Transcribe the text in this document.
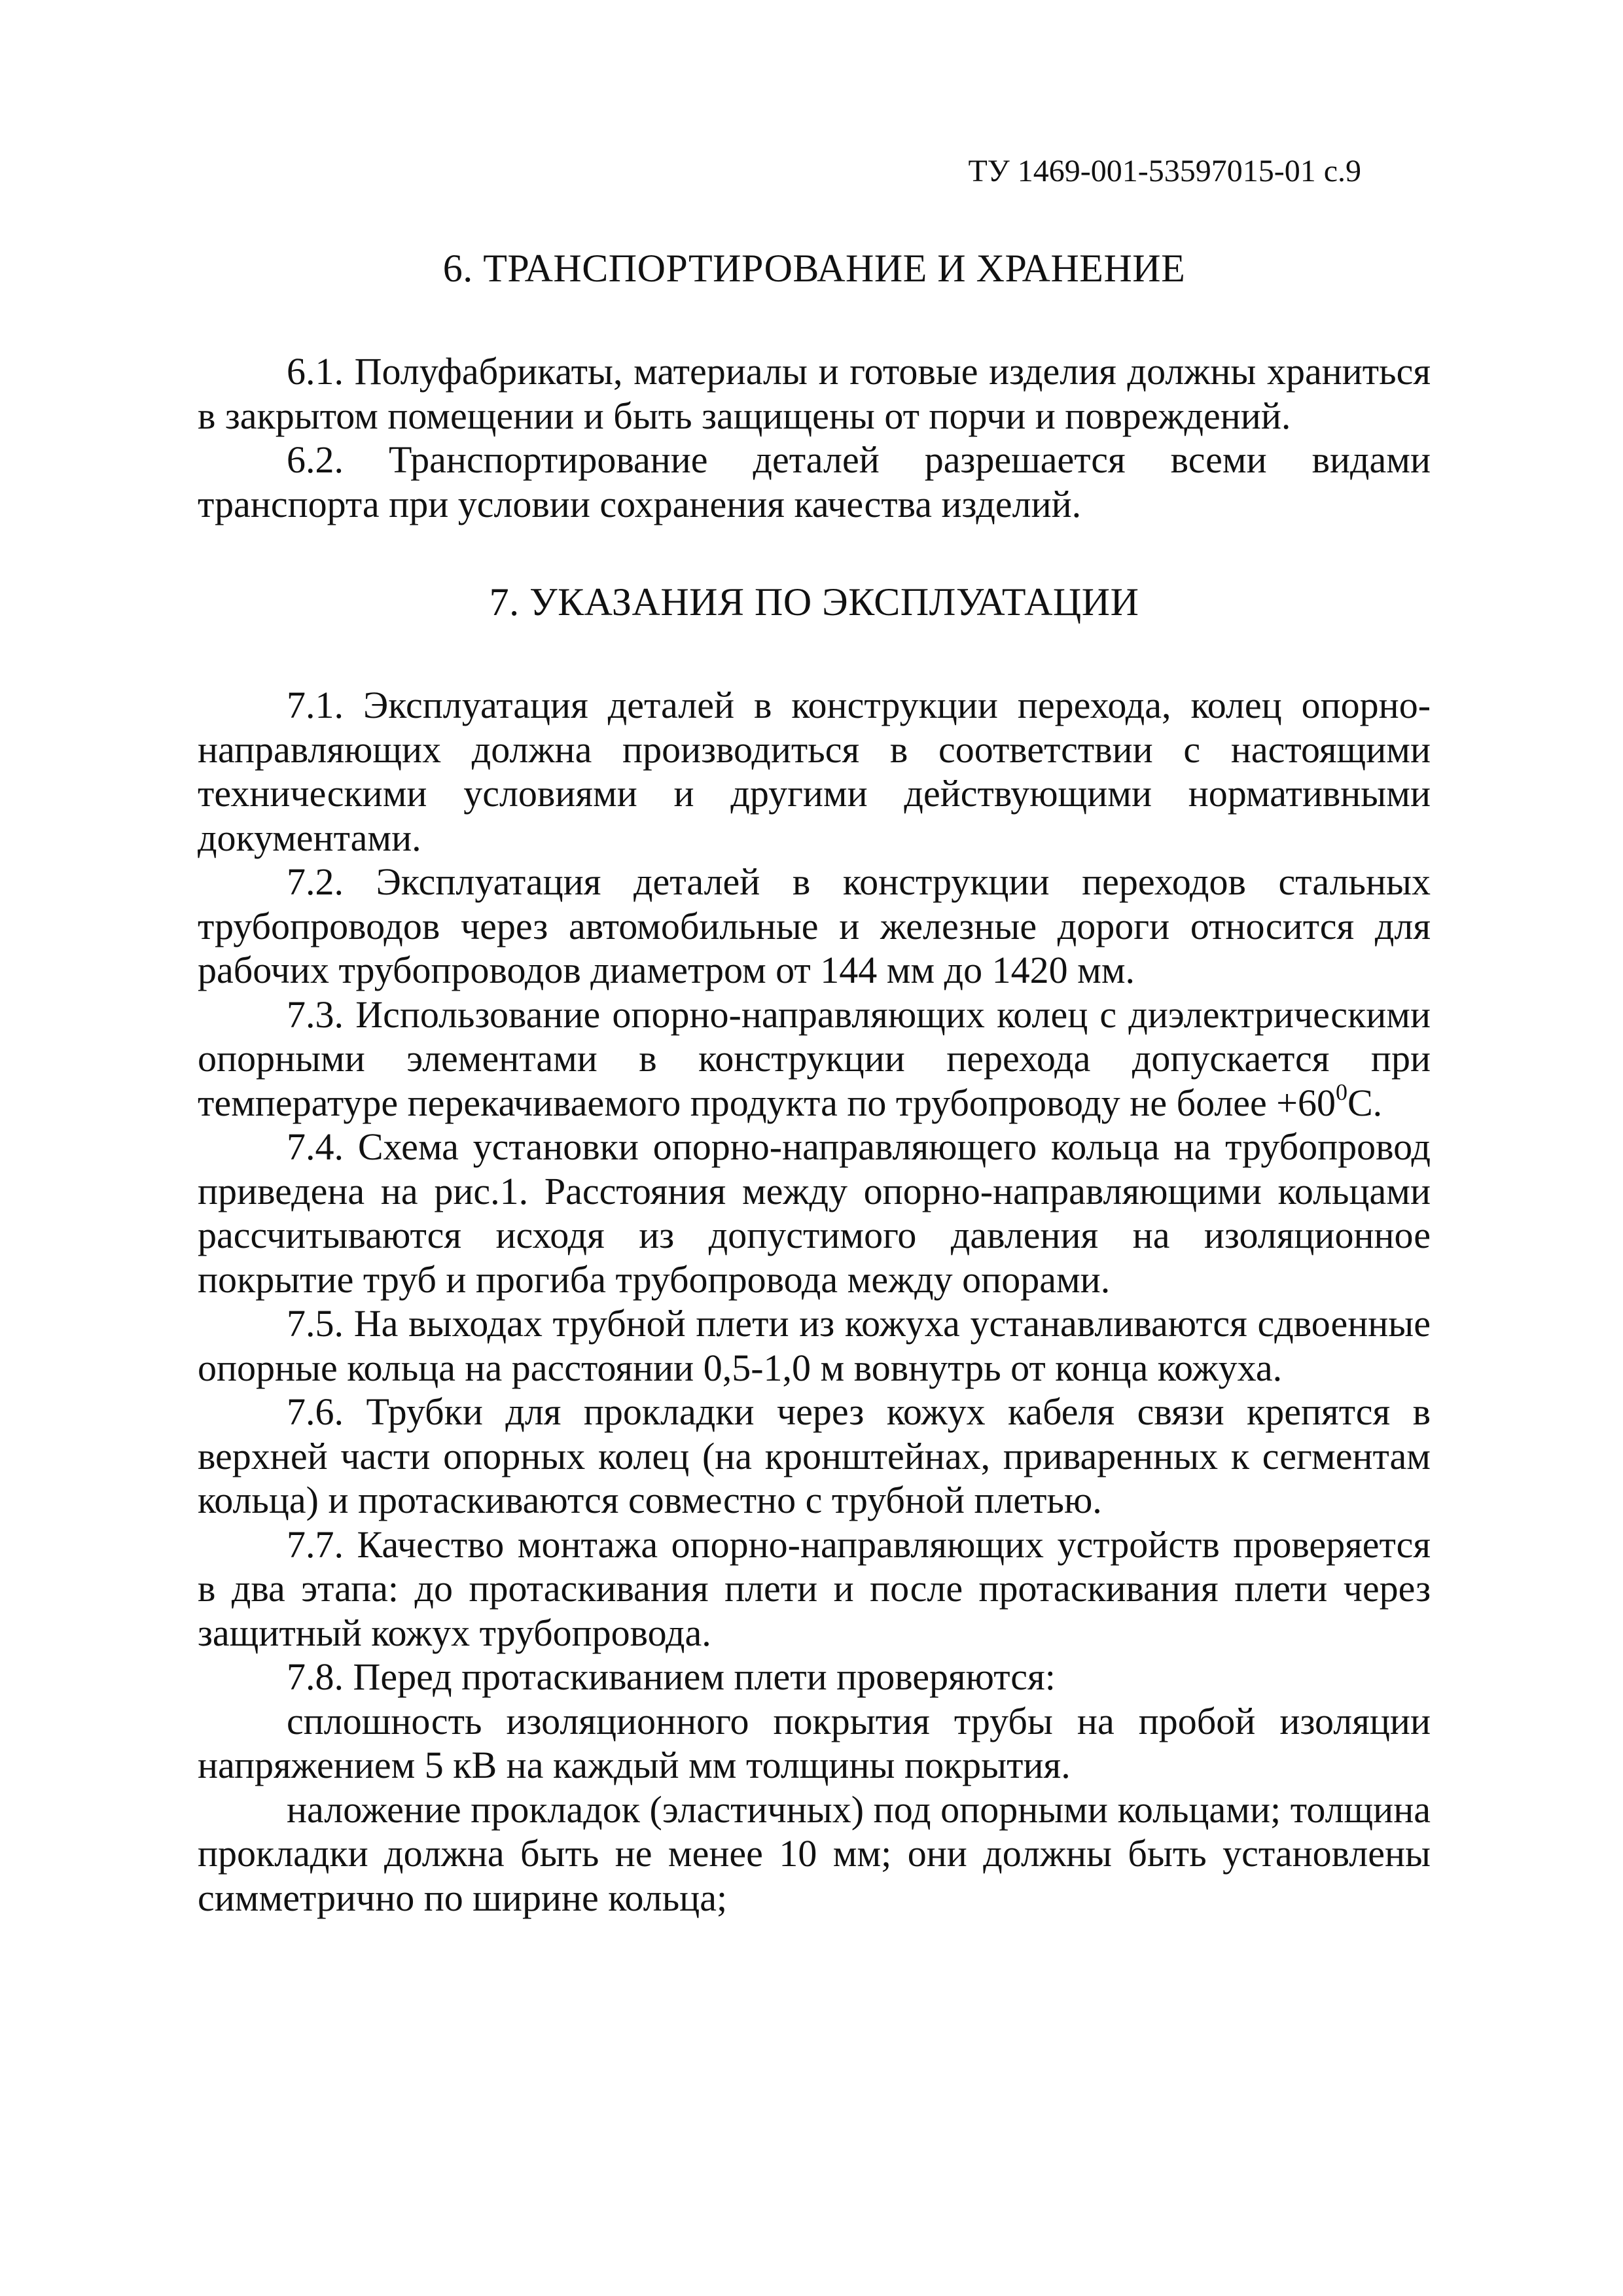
ТУ 1469-001-53597015-01 с.9
6. ТРАНСПОРТИРОВАНИЕ И ХРАНЕНИЕ

6.1. Полуфабрикаты, материалы и готовые изделия должны храниться в закрытом помещении и быть защищены от порчи и повреждений.

6.2. Транспортирование деталей разрешается всеми видами транспорта при условии сохранения качества изделий.

7. УКАЗАНИЯ ПО ЭКСПЛУАТАЦИИ

7.1. Эксплуатация деталей в конструкции перехода, колец опорно-направляющих должна производиться в соответствии с настоящими техническими условиями и другими действующими нормативными документами.

7.2. Эксплуатация деталей в конструкции переходов стальных трубопроводов через автомобильные и железные дороги относится для рабочих трубопроводов диаметром от 144 мм до 1420 мм.

7.3. Использование опорно-направляющих колец с диэлектрическими опорными элементами в конструкции перехода допускается при температуре перекачиваемого продукта по трубопроводу не более $+60^0С$.

7.4. Схема установки опорно-направляющего кольца на трубопровод приведена на рис.1. Расстояния между опорно-направляющими кольцами рассчитываются исходя из допустимого давления на изоляционное покрытие труб и прогиба трубопровода между опорами.

7.5. На выходах трубной плети из кожуха устанавливаются сдвоенные опорные кольца на расстоянии 0,5-1,0 м вовнутрь от конца кожуха.

7.6. Трубки для прокладки через кожух кабеля связи крепятся в верхней части опорных колец (на кронштейнах, приваренных к сегментам кольца) и протаскиваются совместно с трубной плетью.

7.7. Качество монтажа опорно-направляющих устройств проверяется в два этапа: до протаскивания плети и после протаскивания плети через защитный кожух трубопровода.

7.8. Перед протаскиванием плети проверяются:

сплошность изоляционного покрытия трубы на пробой изоляции напряжением 5 кВ на каждый мм толщины покрытия.

наложение прокладок (эластичных) под опорными кольцами; толщина прокладки должна быть не менее 10 мм; они должны быть установлены симметрично по ширине кольца;
